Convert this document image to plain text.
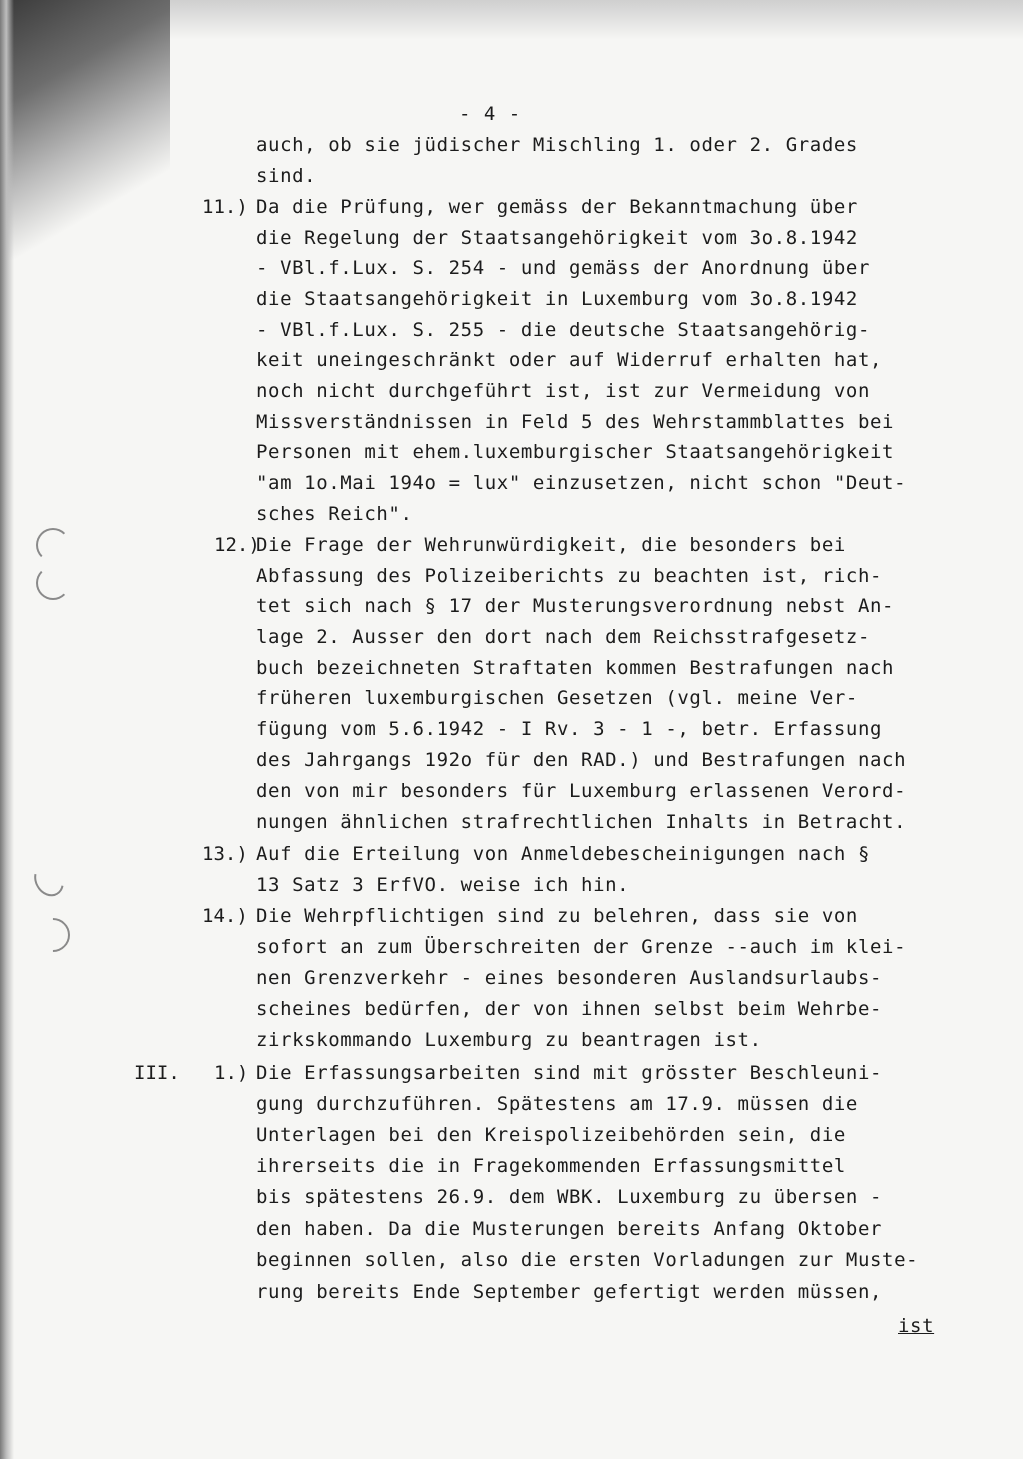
- 4 -
auch, ob sie jüdischer Mischling 1. oder 2. Grades
sind.
11.) Da die Prüfung, wer gemäss der Bekanntmachung über
die Regelung der Staatsangehörigkeit vom 3o.8.1942
- VBl.f.Lux. S. 254 - und gemäss der Anordnung über
die Staatsangehörigkeit in Luxemburg vom 3o.8.1942
- VBl.f.Lux. S. 255 - die deutsche Staatsangehörig-
keit uneingeschränkt oder auf Widerruf erhalten hat,
noch nicht durchgeführt ist, ist zur Vermeidung von
Missverständnissen in Feld 5 des Wehrstammblattes bei
Personen mit ehem.luxemburgischer Staatsangehörigkeit
"am 1o.Mai 194o = lux" einzusetzen, nicht schon "Deut-
sches Reich".
12.)
Die Frage der Wehrunwürdigkeit, die besonders bei
Abfassung des Polizeiberichts zu beachten ist, rich-
tet sich nach § 17 der Musterungsverordnung nebst An-
lage 2. Ausser den dort nach dem Reichsstrafgesetz-
buch bezeichneten Straftaten kommen Bestrafungen nach
früheren luxemburgischen Gesetzen (vgl. meine Ver-
fügung vom 5.6.1942 - I Rv. 3 - 1 -, betr. Erfassung
des Jahrgangs 192o für den RAD.) und Bestrafungen nach
den von mir besonders für Luxemburg erlassenen Verord-
nungen ähnlichen strafrechtlichen Inhalts in Betracht.
13.) Auf die Erteilung von Anmeldebescheinigungen nach §
13 Satz 3 ErfVO. weise ich hin.
14.) Die Wehrpflichtigen sind zu belehren, dass sie von
sofort an zum Überschreiten der Grenze --auch im klei-
nen Grenzverkehr - eines besonderen Auslandsurlaubs-
scheines bedürfen, der von ihnen selbst beim Wehrbe-
zirkskommando Luxemburg zu beantragen ist.
III. 1.) Die Erfassungsarbeiten sind mit grösster Beschleuni-
gung durchzuführen. Spätestens am 17.9. müssen die
Unterlagen bei den Kreispolizeibehörden sein, die
ihrerseits die in Fragekommenden Erfassungsmittel
bis spätestens 26.9. dem WBK. Luxemburg zu übersen -
den haben. Da die Musterungen bereits Anfang Oktober
beginnen sollen, also die ersten Vorladungen zur Muste-
rung bereits Ende September gefertigt werden müssen,
ist
